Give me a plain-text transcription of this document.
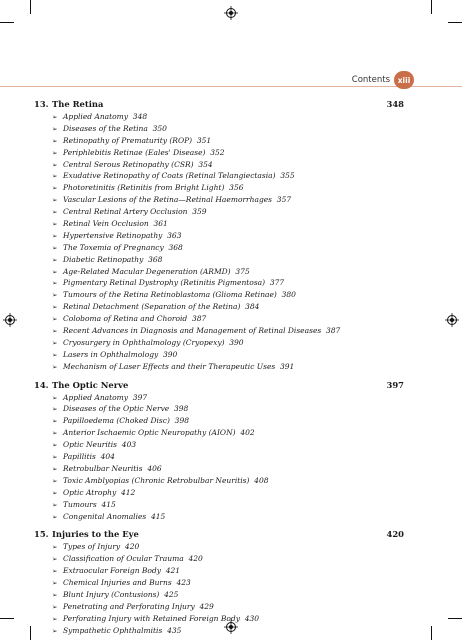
Contents	xiii
13. The Retina	348
➢ Applied Anatomy  348
➢ Diseases of the Retina  350
➢ Retinopathy of Prematurity (ROP)  351
➢ Periphlebitis Retinae (Eales' Disease)  352
➢ Central Serous Retinopathy (CSR)  354
➢ Exudative Retinopathy of Coats (Retinal Telangiectasia)  355
➢ Photoretinitis (Retinitis from Bright Light)  356
➢ Vascular Lesions of the Retina—Retinal Haemorrhages  357
➢ Central Retinal Artery Occlusion  359
➢ Retinal Vein Occlusion  361
➢ Hypertensive Retinopathy  363
➢ The Toxemia of Pregnancy  368
➢ Diabetic Retinopathy  368
➢ Age-Related Macular Degeneration (ARMD)  375
➢ Pigmentary Retinal Dystrophy (Retinitis Pigmentosa)  377
➢ Tumours of the Retina Retinoblastoma (Glioma Retinae)  380
➢ Retinal Detachment (Separation of the Retina)  384
➢ Coloboma of Retina and Choroid  387
➢ Recent Advances in Diagnosis and Management of Retinal Diseases  387
➢ Cryosurgery in Ophthalmology (Cryopexy)  390
➢ Lasers in Ophthalmology  390
➢ Mechanism of Laser Effects and their Therapeutic Uses  391
14. The Optic Nerve	397
➢ Applied Anatomy  397
➢ Diseases of the Optic Nerve  398
➢ Papilloedema (Choked Disc)  398
➢ Anterior Ischaemic Optic Neuropathy (AION)  402
➢ Optic Neuritis  403
➢ Papillitis  404
➢ Retrobulbar Neuritis  406
➢ Toxic Amblyopias (Chronic Retrobulbar Neuritis)  408
➢ Optic Atrophy  412
➢ Tumours  415
➢ Congenital Anomalies  415
15. Injuries to the Eye	420
➢ Types of Injury  420
➢ Classification of Ocular Trauma  420
➢ Extraocular Foreign Body  421
➢ Chemical Injuries and Burns  423
➢ Blunt Injury (Contusions)  425
➢ Penetrating and Perforating Injury  429
➢ Perforating Injury with Retained Foreign Body  430
➢ Sympathetic Ophthalmitis  435
